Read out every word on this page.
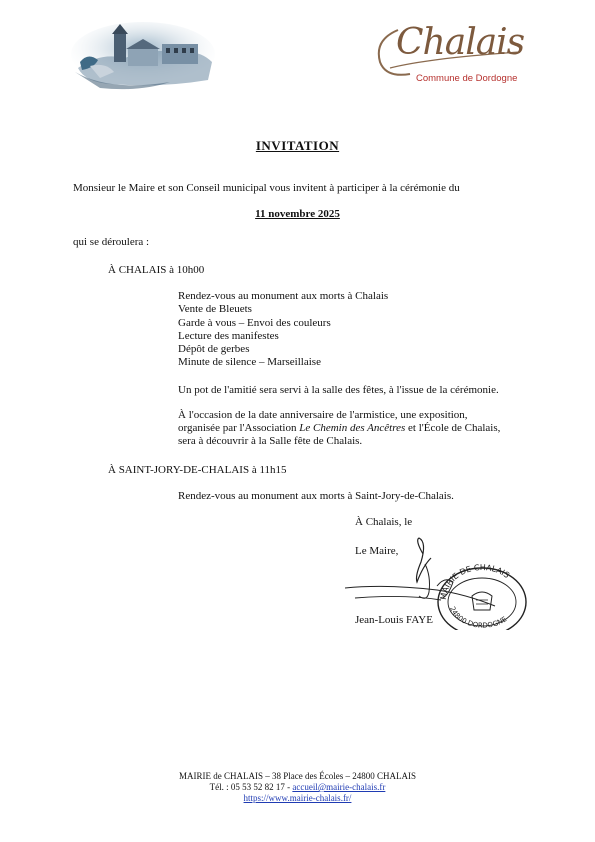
Chalais
Commune de Dordogne
INVITATION
Monsieur le Maire et son Conseil municipal vous invitent à participer à la cérémonie du
11 novembre 2025
qui se déroulera :
À CHALAIS à 10h00
Rendez-vous au monument aux morts à Chalais
Vente de Bleuets
Garde à vous – Envoi des couleurs
Lecture des manifestes
Dépôt de gerbes
Minute de silence – Marseillaise
Un pot de l'amitié sera servi à la salle des fêtes, à l'issue de la cérémonie.
À l'occasion de la date anniversaire de l'armistice, une exposition, organisée par l'Association Le Chemin des Ancêtres et l'École de Chalais, sera à découvrir à la Salle fête de Chalais.
À SAINT-JORY-DE-CHALAIS à 11h15
Rendez-vous au monument aux morts à Saint-Jory-de-Chalais.
À Chalais, le
Le Maire,
MAIRIE DE CHALAIS
24800 DORDOGNE
Jean-Louis FAYE
MAIRIE de CHALAIS – 38 Place des Écoles – 24800 CHALAIS
Tél. : 05 53 52 82 17 - accueil@mairie-chalais.fr
https://www.mairie-chalais.fr/
